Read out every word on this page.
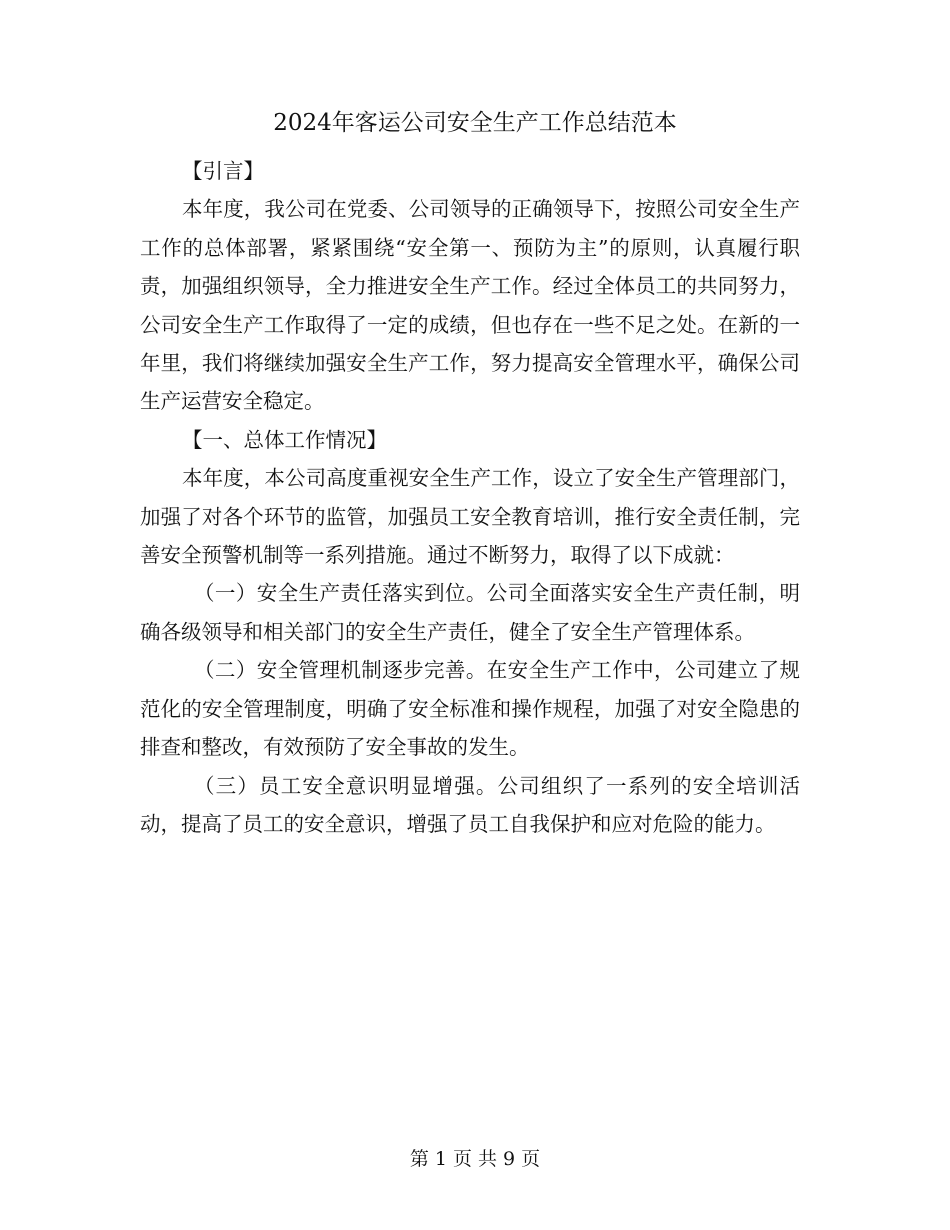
2024年客运公司安全生产工作总结范本

【引言】

本年度，我公司在党委、公司领导的正确领导下，按照公司安全生产工作的总体部署，紧紧围绕“安全第一、预防为主”的原则，认真履行职责，加强组织领导，全力推进安全生产工作。经过全体员工的共同努力，公司安全生产工作取得了一定的成绩，但也存在一些不足之处。在新的一年里，我们将继续加强安全生产工作，努力提高安全管理水平，确保公司生产运营安全稳定。

【一、总体工作情况】

本年度，本公司高度重视安全生产工作，设立了安全生产管理部门，加强了对各个环节的监管，加强员工安全教育培训，推行安全责任制，完善安全预警机制等一系列措施。通过不断努力，取得了以下成就：

（一）安全生产责任落实到位。公司全面落实安全生产责任制，明确各级领导和相关部门的安全生产责任，健全了安全生产管理体系。

（二）安全管理机制逐步完善。在安全生产工作中，公司建立了规范化的安全管理制度，明确了安全标准和操作规程，加强了对安全隐患的排查和整改，有效预防了安全事故的发生。

（三）员工安全意识明显增强。公司组织了一系列的安全培训活动，提高了员工的安全意识，增强了员工自我保护和应对危险的能力。

第 1 页 共 9 页
